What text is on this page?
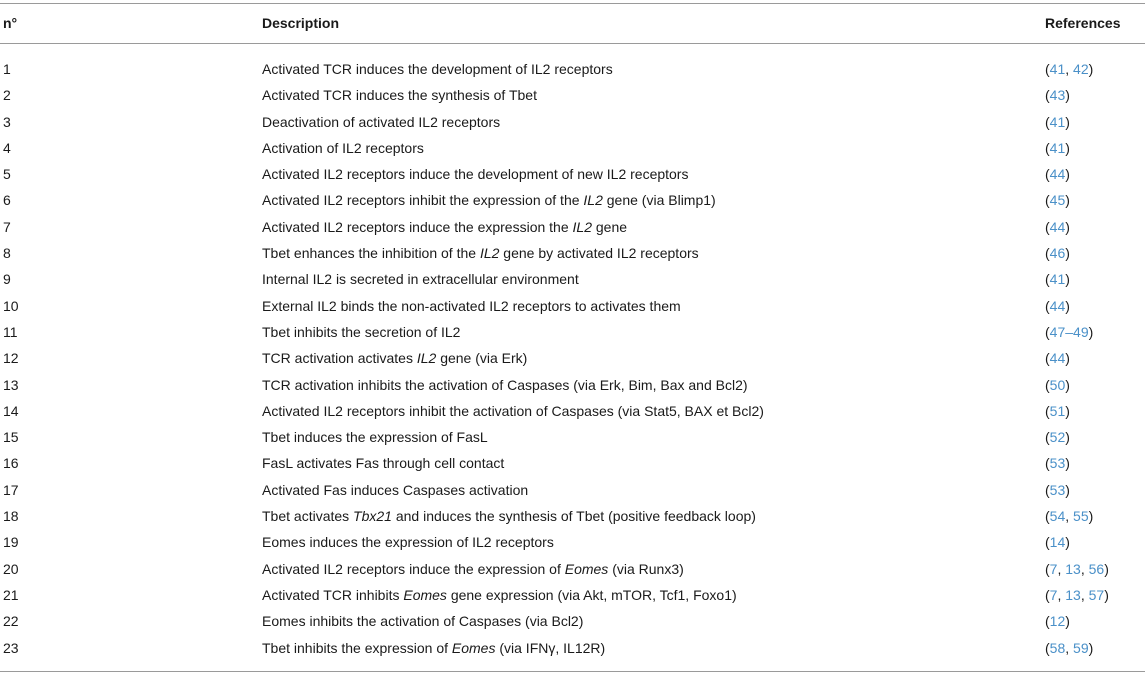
n°	Description	References
1	Activated TCR induces the development of IL2 receptors	(41, 42)
2	Activated TCR induces the synthesis of Tbet	(43)
3	Deactivation of activated IL2 receptors	(41)
4	Activation of IL2 receptors	(41)
5	Activated IL2 receptors induce the development of new IL2 receptors	(44)
6	Activated IL2 receptors inhibit the expression of the IL2 gene (via Blimp1)	(45)
7	Activated IL2 receptors induce the expression the IL2 gene	(44)
8	Tbet enhances the inhibition of the IL2 gene by activated IL2 receptors	(46)
9	Internal IL2 is secreted in extracellular environment	(41)
10	External IL2 binds the non-activated IL2 receptors to activates them	(44)
11	Tbet inhibits the secretion of IL2	(47–49)
12	TCR activation activates IL2 gene (via Erk)	(44)
13	TCR activation inhibits the activation of Caspases (via Erk, Bim, Bax and Bcl2)	(50)
14	Activated IL2 receptors inhibit the activation of Caspases (via Stat5, BAX et Bcl2)	(51)
15	Tbet induces the expression of FasL	(52)
16	FasL activates Fas through cell contact	(53)
17	Activated Fas induces Caspases activation	(53)
18	Tbet activates Tbx21 and induces the synthesis of Tbet (positive feedback loop)	(54, 55)
19	Eomes induces the expression of IL2 receptors	(14)
20	Activated IL2 receptors induce the expression of Eomes (via Runx3)	(7, 13, 56)
21	Activated TCR inhibits Eomes gene expression (via Akt, mTOR, Tcf1, Foxo1)	(7, 13, 57)
22	Eomes inhibits the activation of Caspases (via Bcl2)	(12)
23	Tbet inhibits the expression of Eomes (via IFNγ, IL12R)	(58, 59)
